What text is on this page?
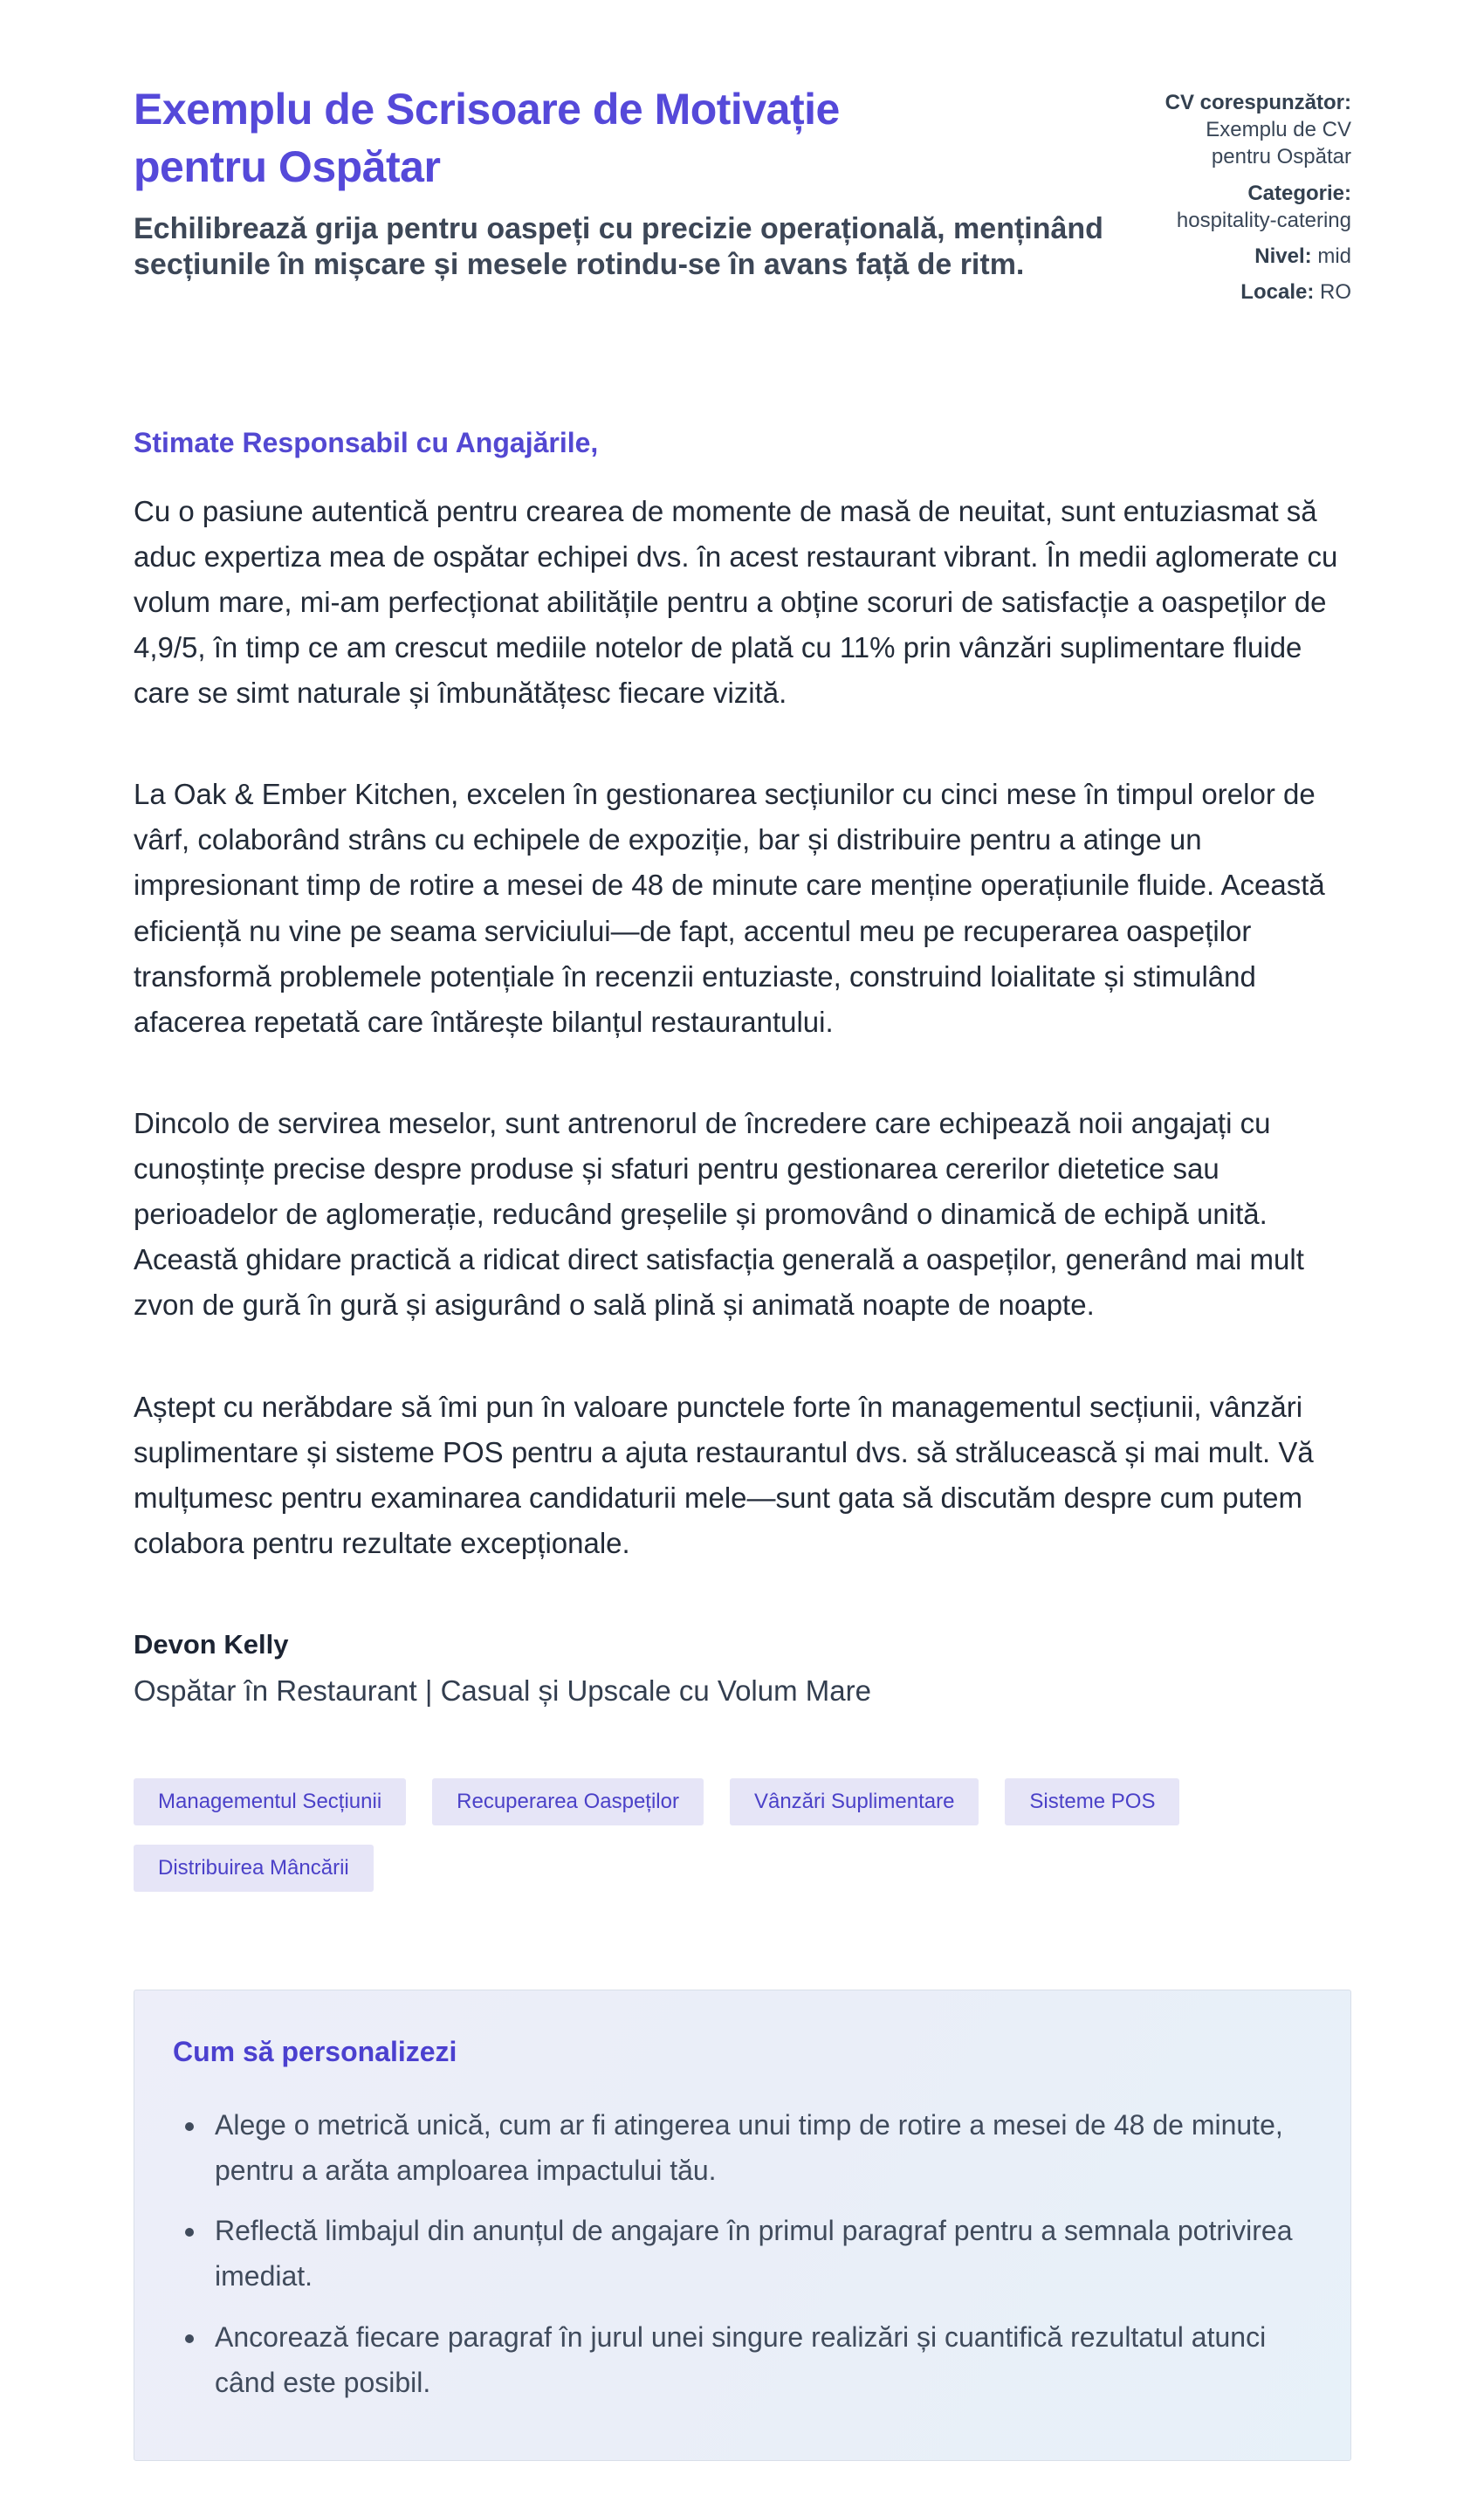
Exemplu de Scrisoare de Motivație
pentru Ospătar

Echilibrează grija pentru oaspeți cu precizie operațională, menținând secțiunile în mișcare și mesele rotindu-se în avans față de ritm.

CV corespunzător: Exemplu de CV pentru Ospătar
Categorie: hospitality-catering
Nivel: mid
Locale: RO

Stimate Responsabil cu Angajările,

Cu o pasiune autentică pentru crearea de momente de masă de neuitat, sunt entuziasmat să aduc expertiza mea de ospătar echipei dvs. în acest restaurant vibrant. În medii aglomerate cu volum mare, mi-am perfecționat abilitățile pentru a obține scoruri de satisfacție a oaspeților de 4,9/5, în timp ce am crescut mediile notelor de plată cu 11% prin vânzări suplimentare fluide care se simt naturale și îmbunătățesc fiecare vizită.

La Oak & Ember Kitchen, excelen în gestionarea secțiunilor cu cinci mese în timpul orelor de vârf, colaborând strâns cu echipele de expoziție, bar și distribuire pentru a atinge un impresionant timp de rotire a mesei de 48 de minute care menține operațiunile fluide. Această eficiență nu vine pe seama serviciului—de fapt, accentul meu pe recuperarea oaspeților transformă problemele potențiale în recenzii entuziaste, construind loialitate și stimulând afacerea repetată care întărește bilanțul restaurantului.

Dincolo de servirea meselor, sunt antrenorul de încredere care echipează noii angajați cu cunoștințe precise despre produse și sfaturi pentru gestionarea cererilor dietetice sau perioadelor de aglomerație, reducând greșelile și promovând o dinamică de echipă unită. Această ghidare practică a ridicat direct satisfacția generală a oaspeților, generând mai mult zvon de gură în gură și asigurând o sală plină și animată noapte de noapte.

Aștept cu nerăbdare să îmi pun în valoare punctele forte în managementul secțiunii, vânzări suplimentare și sisteme POS pentru a ajuta restaurantul dvs. să strălucească și mai mult. Vă mulțumesc pentru examinarea candidaturii mele—sunt gata să discutăm despre cum putem colabora pentru rezultate excepționale.

Devon Kelly
Ospătar în Restaurant | Casual și Upscale cu Volum Mare
Managementul Secțiunii	Recuperarea Oaspeților	Vânzări Suplimentare	Sisteme POS
Distribuirea Mâncării
Cum să personalizezi
• Alege o metrică unică, cum ar fi atingerea unui timp de rotire a mesei de 48 de minute, pentru a arăta amploarea impactului tău.
• Reflectă limbajul din anunțul de angajare în primul paragraf pentru a semnala potrivirea imediat.
• Ancorează fiecare paragraf în jurul unei singure realizări și cuantifică rezultatul atunci când este posibil.
